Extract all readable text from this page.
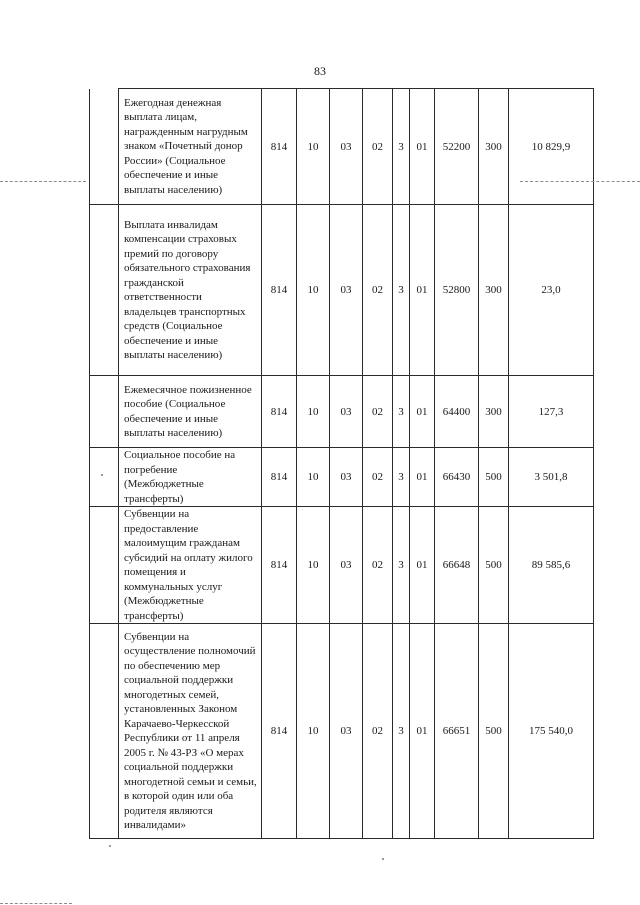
83
	Ежегодная денежная выплата лицам, награжденным нагрудным знаком «Почетный донор России» (Социальное обеспечение и иные выплаты населению)	814	10	03	02	3	01	52200	300	10 829,9
	Выплата инвалидам компенсации страховых премий по договору обязательного страхования гражданской ответственности владельцев транспортных средств (Социальное обеспечение и иные выплаты населению)	814	10	03	02	3	01	52800	300	23,0
	Ежемесячное пожизненное пособие (Социальное обеспечение и иные выплаты населению)	814	10	03	02	3	01	64400	300	127,3
	Социальное пособие на погребение (Межбюджетные трансферты)	814	10	03	02	3	01	66430	500	3 501,8
	Субвенции на предоставление малоимущим гражданам субсидий на оплату жилого помещения и коммунальных услуг (Межбюджетные трансферты)	814	10	03	02	3	01	66648	500	89 585,6
	Субвенции на осуществление полномочий по обеспечению мер социальной поддержки многодетных семей, установленных Законом Карачаево-Черкесской Республики от 11 апреля 2005 г. № 43-РЗ «О мерах социальной поддержки многодетной семьи и семьи, в которой один или оба родителя являются инвалидами»	814	10	03	02	3	01	66651	500	175 540,0
